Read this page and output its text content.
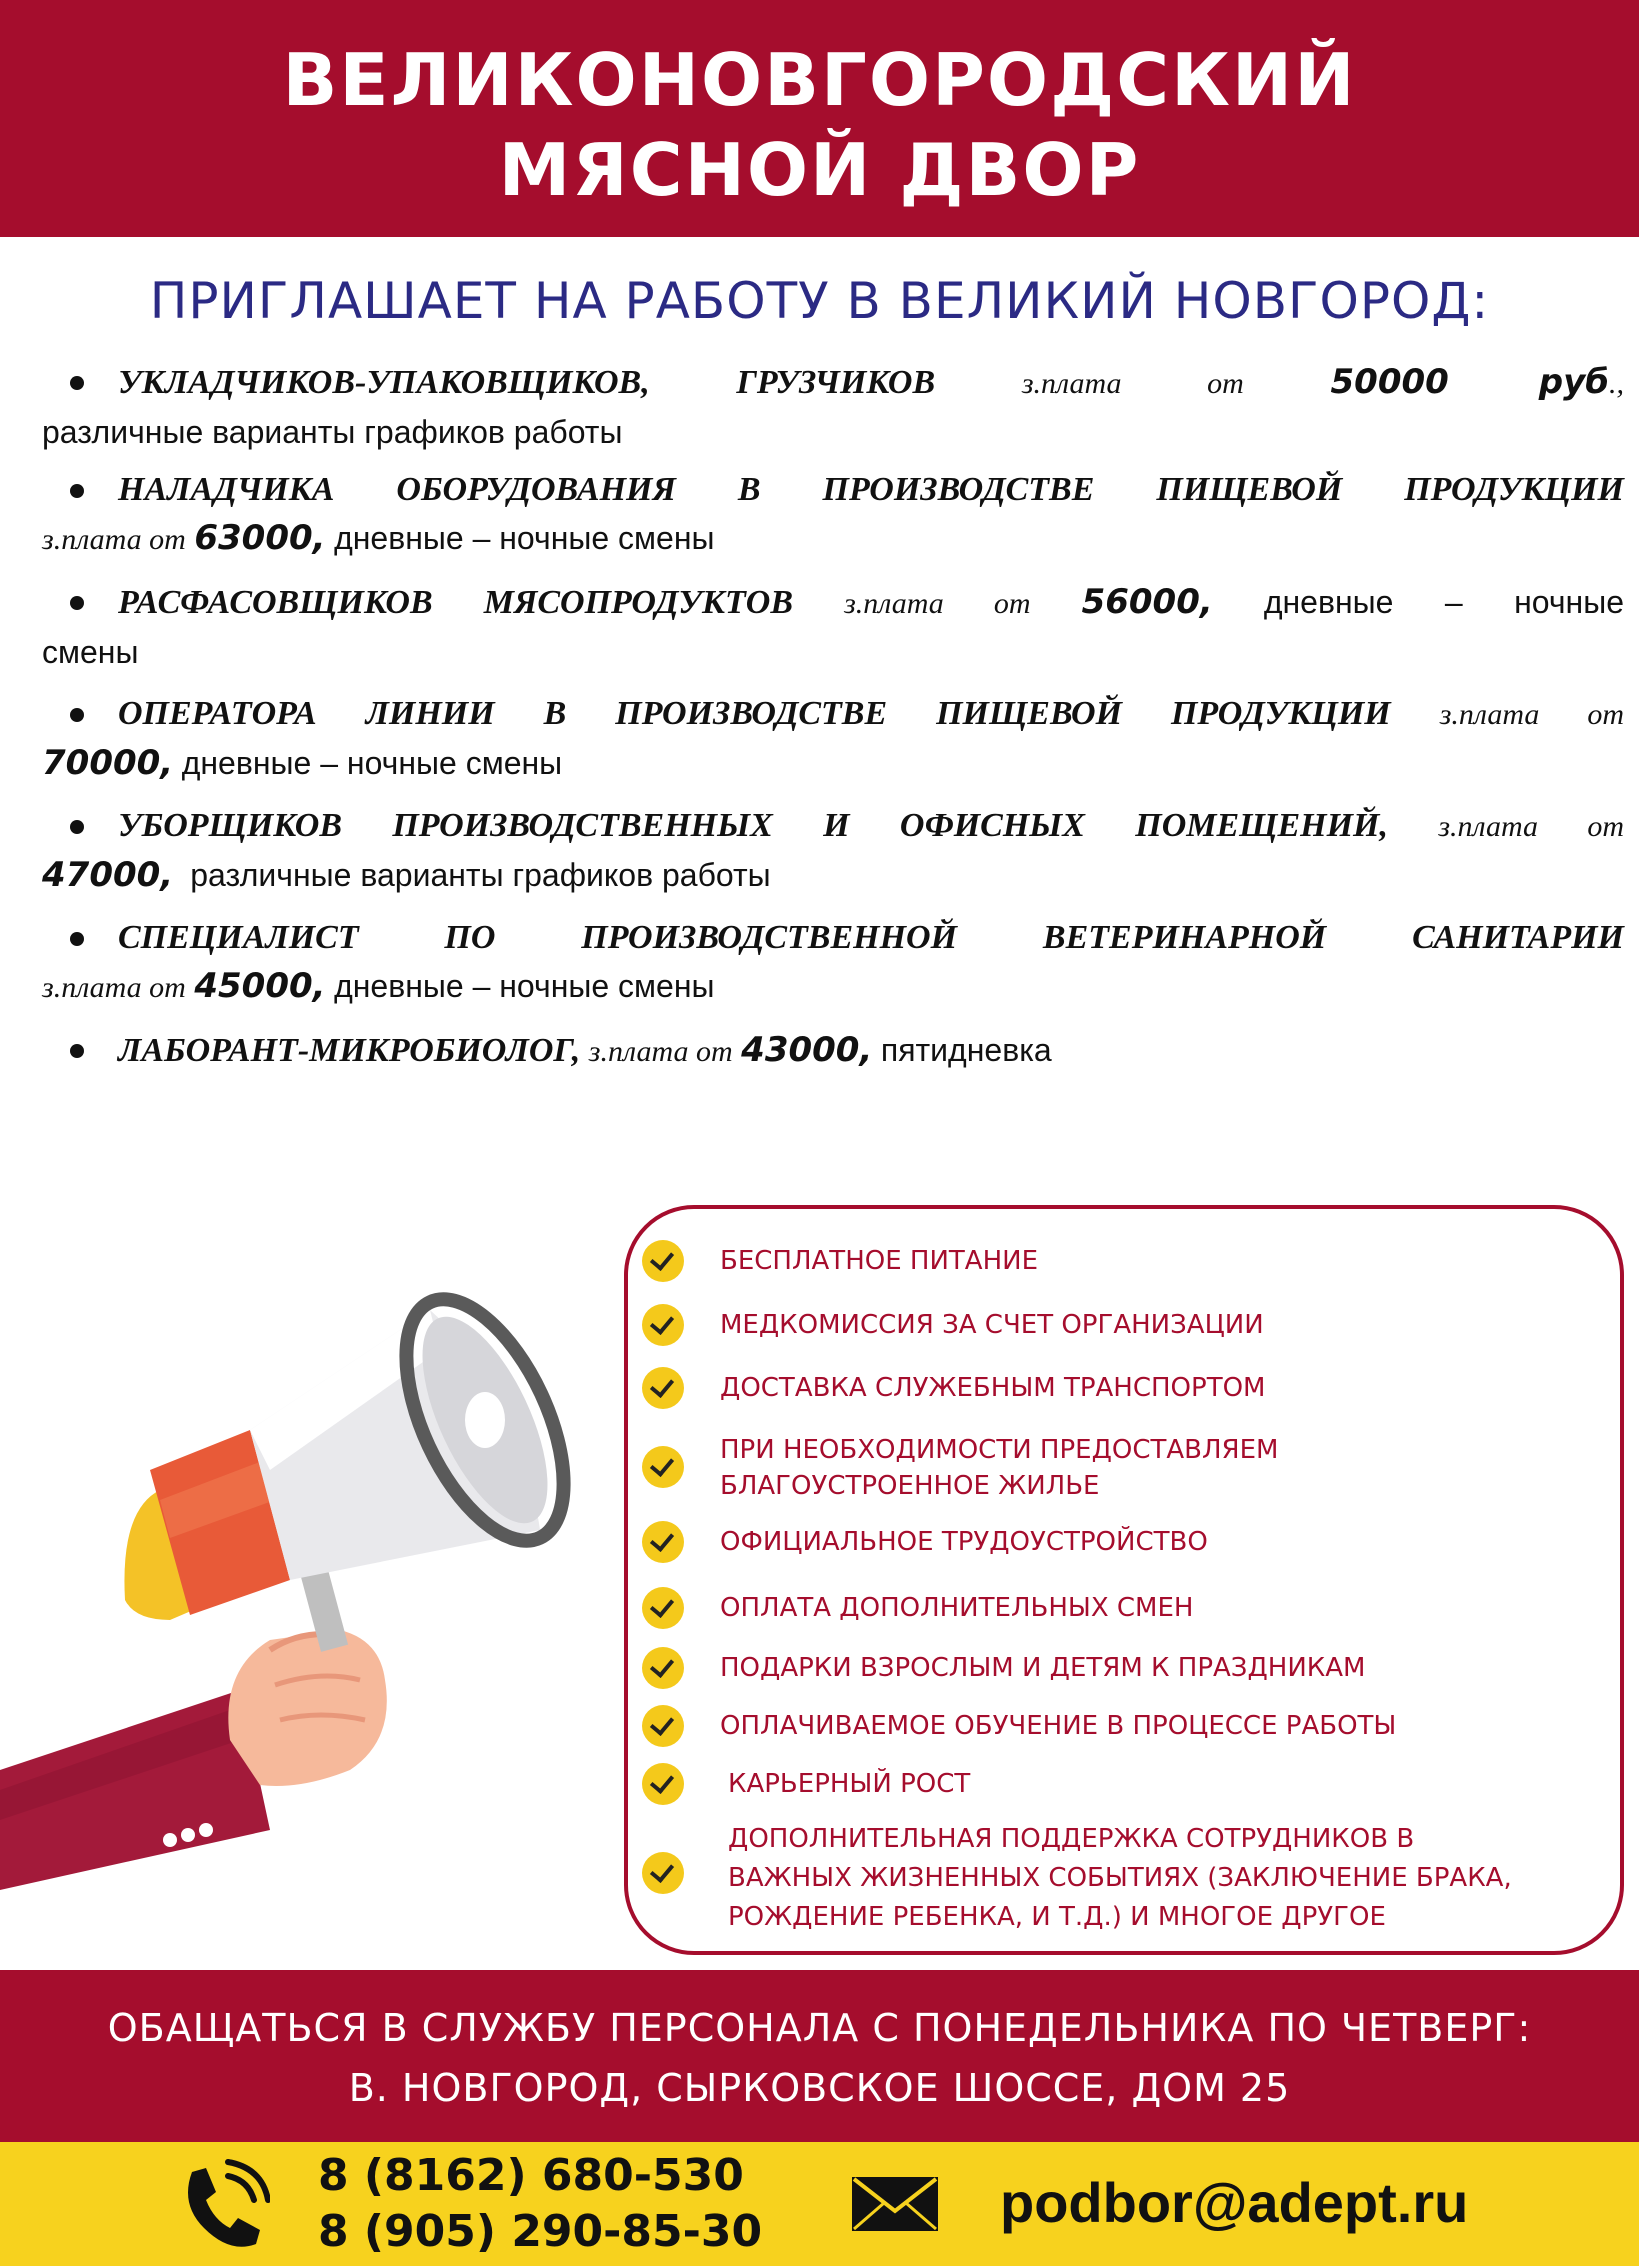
ВЕЛИКОНОВГОРОДСКИЙ
МЯСНОЙ ДВОР
ПРИГЛАШАЕТ НА РАБОТУ В ВЕЛИКИЙ НОВГОРОД:
УКЛАДЧИКОВ-УПАКОВЩИКОВ, ГРУЗЧИКОВ	з.плата от	50000 руб.,
различные варианты графиков работы
НАЛАДЧИКА ОБОРУДОВАНИЯ В ПРОИЗВОДСТВЕ ПИЩЕВОЙ ПРОДУКЦИИ
з.плата от 63000, дневные – ночные смены
РАСФАСОВЩИКОВ МЯСОПРОДУКТОВ з.плата от 56000, дневные – ночные
смены
ОПЕРАТОРА ЛИНИИ В ПРОИЗВОДСТВЕ ПИЩЕВОЙ ПРОДУКЦИИ з.плата от
70000, дневные – ночные смены
УБОРЩИКОВ ПРОИЗВОДСТВЕННЫХ И ОФИСНЫХ ПОМЕЩЕНИЙ, з.плата от
47000, различные варианты графиков работы
СПЕЦИАЛИСТ ПО ПРОИЗВОДСТВЕННОЙ ВЕТЕРИНАРНОЙ САНИТАРИИ
з.плата от 45000, дневные – ночные смены
ЛАБОРАНТ-МИКРОБИОЛОГ, з.плата от 43000, пятидневка
БЕСПЛАТНОЕ ПИТАНИЕ
МЕДКОМИССИЯ ЗА СЧЕТ ОРГАНИЗАЦИИ
ДОСТАВКА СЛУЖЕБНЫМ ТРАНСПОРТОМ
ПРИ НЕОБХОДИМОСТИ ПРЕДОСТАВЛЯЕМ БЛАГОУСТРОЕННОЕ ЖИЛЬЕ
ОФИЦИАЛЬНОЕ ТРУДОУСТРОЙСТВО
ОПЛАТА ДОПОЛНИТЕЛЬНЫХ СМЕН
ПОДАРКИ ВЗРОСЛЫМ И ДЕТЯМ К ПРАЗДНИКАМ
ОПЛАЧИВАЕМОЕ ОБУЧЕНИЕ В ПРОЦЕССЕ РАБОТЫ
КАРЬЕРНЫЙ РОСТ
ДОПОЛНИТЕЛЬНАЯ ПОДДЕРЖКА СОТРУДНИКОВ В ВАЖНЫХ ЖИЗНЕННЫХ СОБЫТИЯХ (ЗАКЛЮЧЕНИЕ БРАКА, РОЖДЕНИЕ РЕБЕНКА, И Т.Д.) И МНОГОЕ ДРУГОЕ
ОБАЩАТЬСЯ В СЛУЖБУ ПЕРСОНАЛА С ПОНЕДЕЛЬНИКА ПО ЧЕТВЕРГ:
В. НОВГОРОД, СЫРКОВСКОЕ ШОССЕ, ДОМ 25
8 (8162) 680-530
8 (905) 290-85-30	podbor@adept.ru
